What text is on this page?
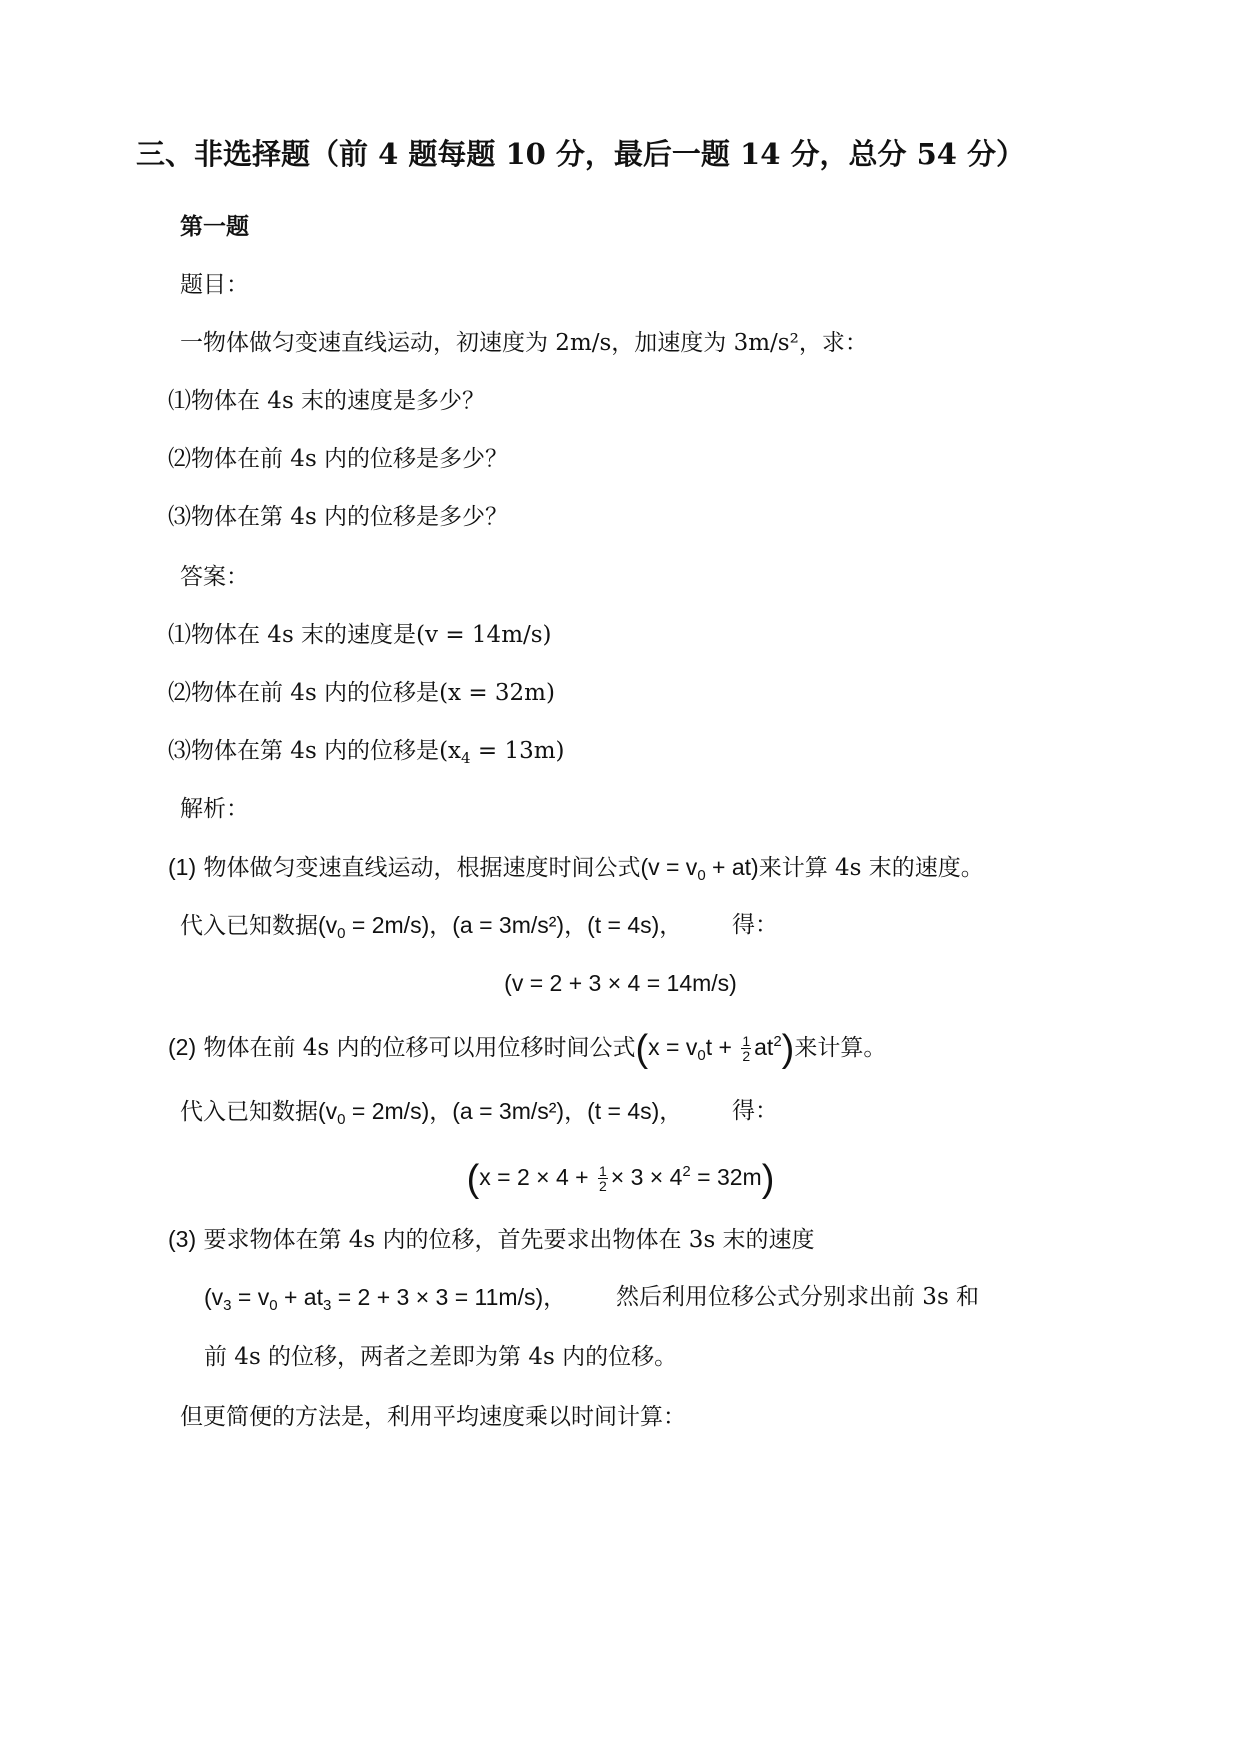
三、非选择题（前 4 题每题 10 分，最后一题 14 分，总分 54 分）
第一题
题目：
一物体做匀变速直线运动，初速度为 2m/s，加速度为 3m/s²，求：
⑴物体在 4s 末的速度是多少？
⑵物体在前 4s 内的位移是多少？
⑶物体在第 4s 内的位移是多少？
答案：
⑴物体在 4s 末的速度是(v = 14m/s)
⑵物体在前 4s 内的位移是(x = 32m)
⑶物体在第 4s 内的位移是$(x_4 = 13m)$
解析：
(1) 物体做匀变速直线运动，根据速度时间公式$(v = v_0 + at)$来计算 4s 末的速度。
代入已知数据$(v_0 = 2m/s)$，(a = 3m/s²)，(t = 4s)， 得：
(v = 2 + 3 × 4 = 14m/s)
(2) 物体在前 4s 内的位移可以用位移时间公式$(x = v_0t + \frac{1}{2} at^2)$来计算。
代入已知数据$(v_0 = 2m/s)$，(a = 3m/s²)，(t = 4s)， 得：
$(x = 2 \times 4 + \frac{1}{2} \times 3 \times 4^2 = 32m)$
(3) 要求物体在第 4s 内的位移，首先要求出物体在 3s 末的速度
$(v_3 = v_0 + at_3 = 2 + 3 \times 3 = 11m/s)$， 然后利用位移公式分别求出前 3s 和
前 4s 的位移，两者之差即为第 4s 内的位移。
但更简便的方法是，利用平均速度乘以时间计算：
